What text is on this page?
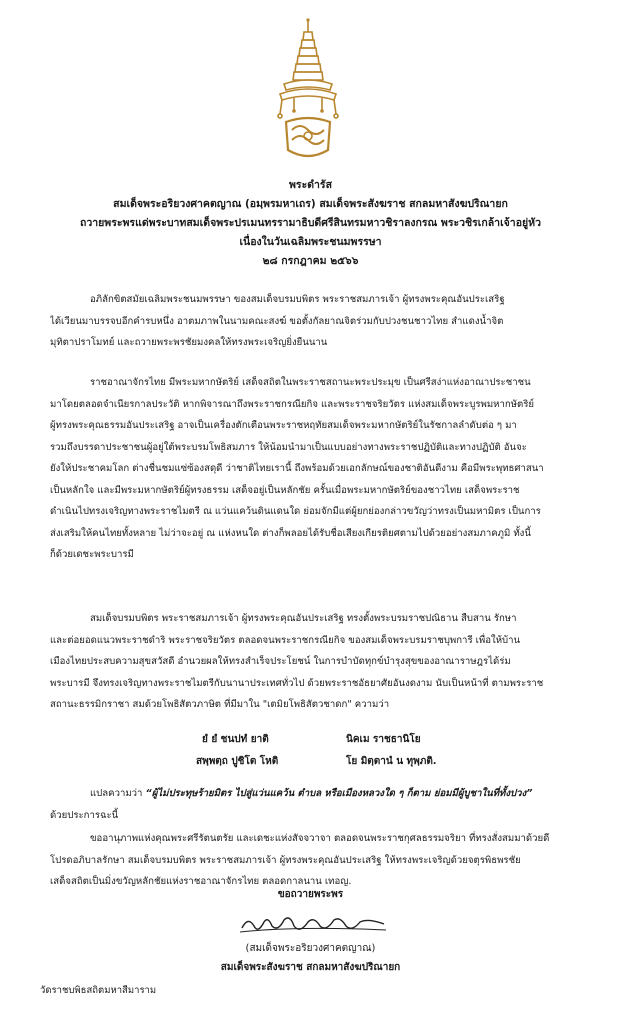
พระดำรัส
สมเด็จพระอริยวงศาคตญาณ (อมฺพรมหาเถร) สมเด็จพระสังฆราช สกลมหาสังฆปริณายก
ถวายพระพรแด่พระบาทสมเด็จพระปรเมนทรรามาธิบดีศรีสินทรมหาวชิราลงกรณ พระวชิรเกล้าเจ้าอยู่หัว
เนื่องในวันเฉลิมพระชนมพรรษา
๒๘ กรกฎาคม ๒๕๖๖
อภิลักขิตสมัยเฉลิมพระชนมพรรษา ของสมเด็จบรมบพิตร พระราชสมภารเจ้า ผู้ทรงพระคุณอันประเสริฐ
ได้เวียนมาบรรจบอีกคำรบหนึ่ง อาตมภาพในนามคณะสงฆ์ ขอตั้งกัลยาณจิตร่วมกับปวงชนชาวไทย สำแดงน้ำจิต
มุทิตาปราโมทย์ และถวายพระพรชัยมงคลให้ทรงพระเจริญยิ่งยืนนาน
ราชอาณาจักรไทย มีพระมหากษัตริย์ เสด็จสถิตในพระราชสถานะพระประมุข เป็นศรีสง่าแห่งอาณาประชาชน
มาโดยตลอดจำเนียรกาลประวัติ หากพิจารณาถึงพระราชกรณียกิจ และพระราชจริยวัตร แห่งสมเด็จพระบูรพมหากษัตริย์
ผู้ทรงพระคุณธรรมอันประเสริฐ อาจเป็นเครื่องตักเตือนพระราชหฤทัยสมเด็จพระมหากษัตริย์ในรัชกาลลำดับต่อ ๆ มา
รวมถึงบรรดาประชาชนผู้อยู่ใต้พระบรมโพธิสมภาร ให้น้อมนำมาเป็นแบบอย่างทางพระราชปฏิบัติและทางปฏิบัติ อันจะ
ยังให้ประชาคมโลก ต่างชื่นชมแซ่ซ้องสดุดี ว่าชาติไทยเรานี้ ถึงพร้อมด้วยเอกลักษณ์ของชาติอันดีงาม คือมีพระพุทธศาสนา
เป็นหลักใจ และมีพระมหากษัตริย์ผู้ทรงธรรม เสด็จอยู่เป็นหลักชัย ครั้นเมื่อพระมหากษัตริย์ของชาวไทย เสด็จพระราช
ดำเนินไปทรงเจริญทางพระราชไมตรี ณ แว่นแคว้นดินแดนใด ย่อมจักมีแต่ผู้ยกย่องกล่าวขวัญว่าทรงเป็นมหามิตร เป็นการ
ส่งเสริมให้คนไทยทั้งหลาย ไม่ว่าจะอยู่ ณ แห่งหนใด ต่างก็พลอยได้รับชื่อเสียงเกียรติยศตามไปด้วยอย่างสมภาคภูมิ ทั้งนี้
ก็ด้วยเดชะพระบารมี
สมเด็จบรมบพิตร พระราชสมภารเจ้า ผู้ทรงพระคุณอันประเสริฐ ทรงตั้งพระบรมราชปณิธาน สืบสาน รักษา
และต่อยอดแนวพระราชดำริ พระราชจริยวัตร ตลอดจนพระราชกรณียกิจ ของสมเด็จพระบรมราชบุพการี เพื่อให้บ้าน
เมืองไทยประสบความสุขสวัสดี อำนวยผลให้ทรงสำเร็จประโยชน์ ในการบำบัดทุกข์บำรุงสุขของอาณาราษฎรได้ร่ม
พระบารมี จึงทรงเจริญทางพระราชไมตรีกับนานาประเทศทั่วไป ด้วยพระราชอัธยาศัยอันงดงาม นับเป็นหน้าที่ ตามพระราช
สถานะธรรมิกราชา สมด้วยโพธิสัตวภาษิต ที่มีมาใน "เตมิยโพธิสัตวชาดก" ความว่า
ยํ ยํ ชนปทํ ยาติ	นิคเม ราชธานิโย
สพฺพตฺถ ปูชิโต โหติ	โย มิตฺตานํ น ทุพฺภติ.
แปลความว่า “ผู้ไม่ประทุษร้ายมิตร ไปสู่แว่นแคว้น ตำบล หรือเมืองหลวงใด ๆ ก็ตาม ย่อมมีผู้บูชาในที่ทั้งปวง”
ด้วยประการฉะนี้
ขออานุภาพแห่งคุณพระศรีรัตนตรัย และเดชะแห่งสัจจวาจา ตลอดจนพระราชกุศลธรรมจริยา ที่ทรงสั่งสมมาด้วยดี
โปรดอภิบาลรักษา สมเด็จบรมบพิตร พระราชสมภารเจ้า ผู้ทรงพระคุณอันประเสริฐ ให้ทรงพระเจริญด้วยจตุรพิธพรชัย
เสด็จสถิตเป็นมิ่งขวัญหลักชัยแห่งราชอาณาจักรไทย ตลอดกาลนาน เทอญ.
ขอถวายพระพร
(สมเด็จพระอริยวงศาคตญาณ)
สมเด็จพระสังฆราช สกลมหาสังฆปริณายก
วัดราชบพิธสถิตมหาสีมาราม
